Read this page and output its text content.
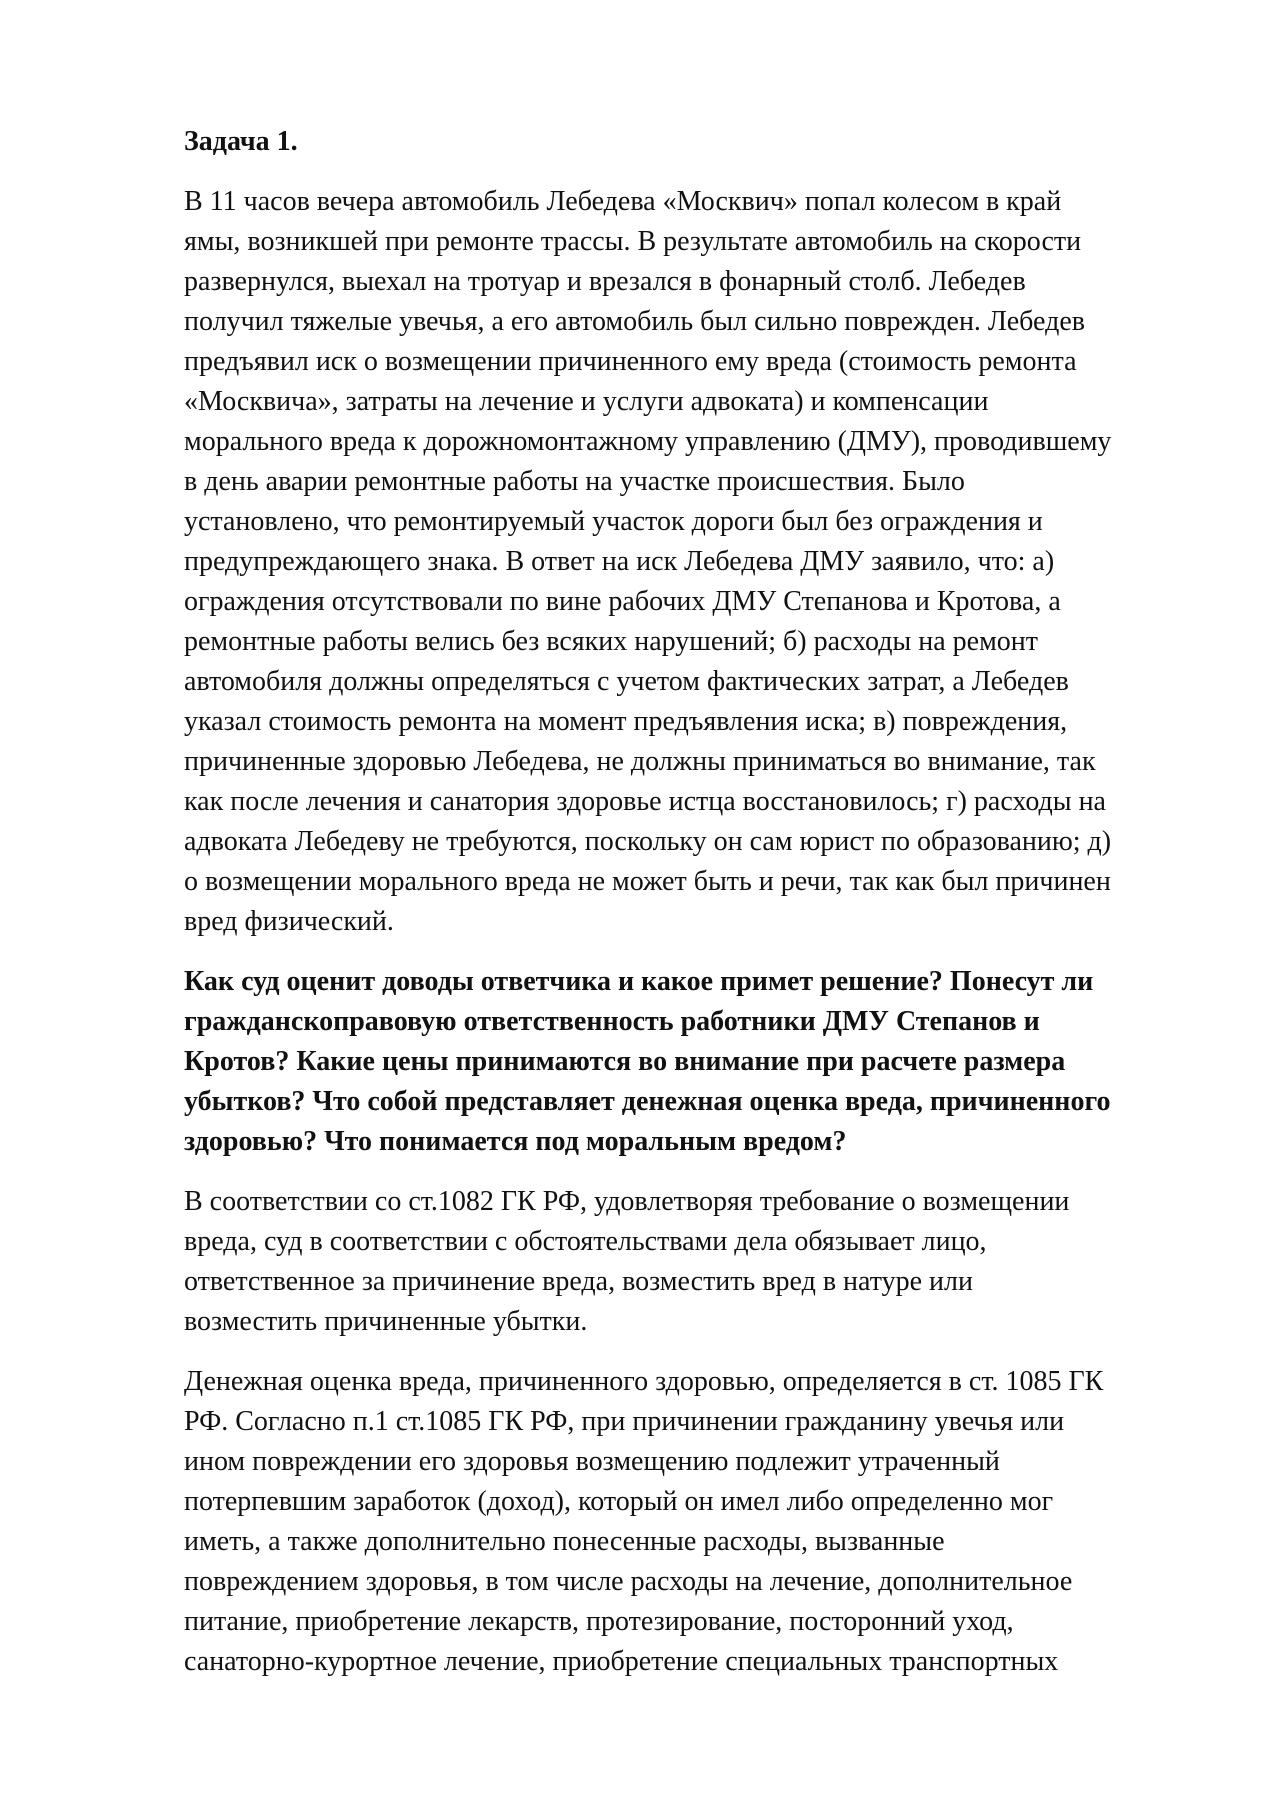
Задача 1.

В 11 часов вечера автомобиль Лебедева «Москвич» попал колесом в край
ямы, возникшей при ремонте трассы. В результате автомобиль на скорости
развернулся, выехал на тротуар и врезался в фонарный столб. Лебедев
получил тяжелые увечья, а его автомобиль был сильно поврежден. Лебедев
предъявил иск о возмещении причиненного ему вреда (стоимость ремонта
«Москвича», затраты на лечение и услуги адвоката) и компенсации
морального вреда к дорожномонтажному управлению (ДМУ), проводившему
в день аварии ремонтные работы на участке происшествия. Было
установлено, что ремонтируемый участок дороги был без ограждения и
предупреждающего знака. В ответ на иск Лебедева ДМУ заявило, что: а)
ограждения отсутствовали по вине рабочих ДМУ Степанова и Кротова, а
ремонтные работы велись без всяких нарушений; б) расходы на ремонт
автомобиля должны определяться с учетом фактических затрат, а Лебедев
указал стоимость ремонта на момент предъявления иска; в) повреждения,
причиненные здоровью Лебедева, не должны приниматься во внимание, так
как после лечения и санатория здоровье истца восстановилось; г) расходы на
адвоката Лебедеву не требуются, поскольку он сам юрист по образованию; д)
о возмещении морального вреда не может быть и речи, так как был причинен
вред физический.

Как суд оценит доводы ответчика и какое примет решение? Понесут ли
гражданскоправовую ответственность работники ДМУ Степанов и
Кротов? Какие цены принимаются во внимание при расчете размера
убытков? Что собой представляет денежная оценка вреда, причиненного
здоровью? Что понимается под моральным вредом?

В соответствии со ст.1082 ГК РФ, удовлетворяя требование о возмещении
вреда, суд в соответствии с обстоятельствами дела обязывает лицо,
ответственное за причинение вреда, возместить вред в натуре или
возместить причиненные убытки.

Денежная оценка вреда, причиненного здоровью, определяется в ст. 1085 ГК
РФ. Согласно п.1 ст.1085 ГК РФ, при причинении гражданину увечья или
ином повреждении его здоровья возмещению подлежит утраченный
потерпевшим заработок (доход), который он имел либо определенно мог
иметь, а также дополнительно понесенные расходы, вызванные
повреждением здоровья, в том числе расходы на лечение, дополнительное
питание, приобретение лекарств, протезирование, посторонний уход,
санаторно-курортное лечение, приобретение специальных транспортных
